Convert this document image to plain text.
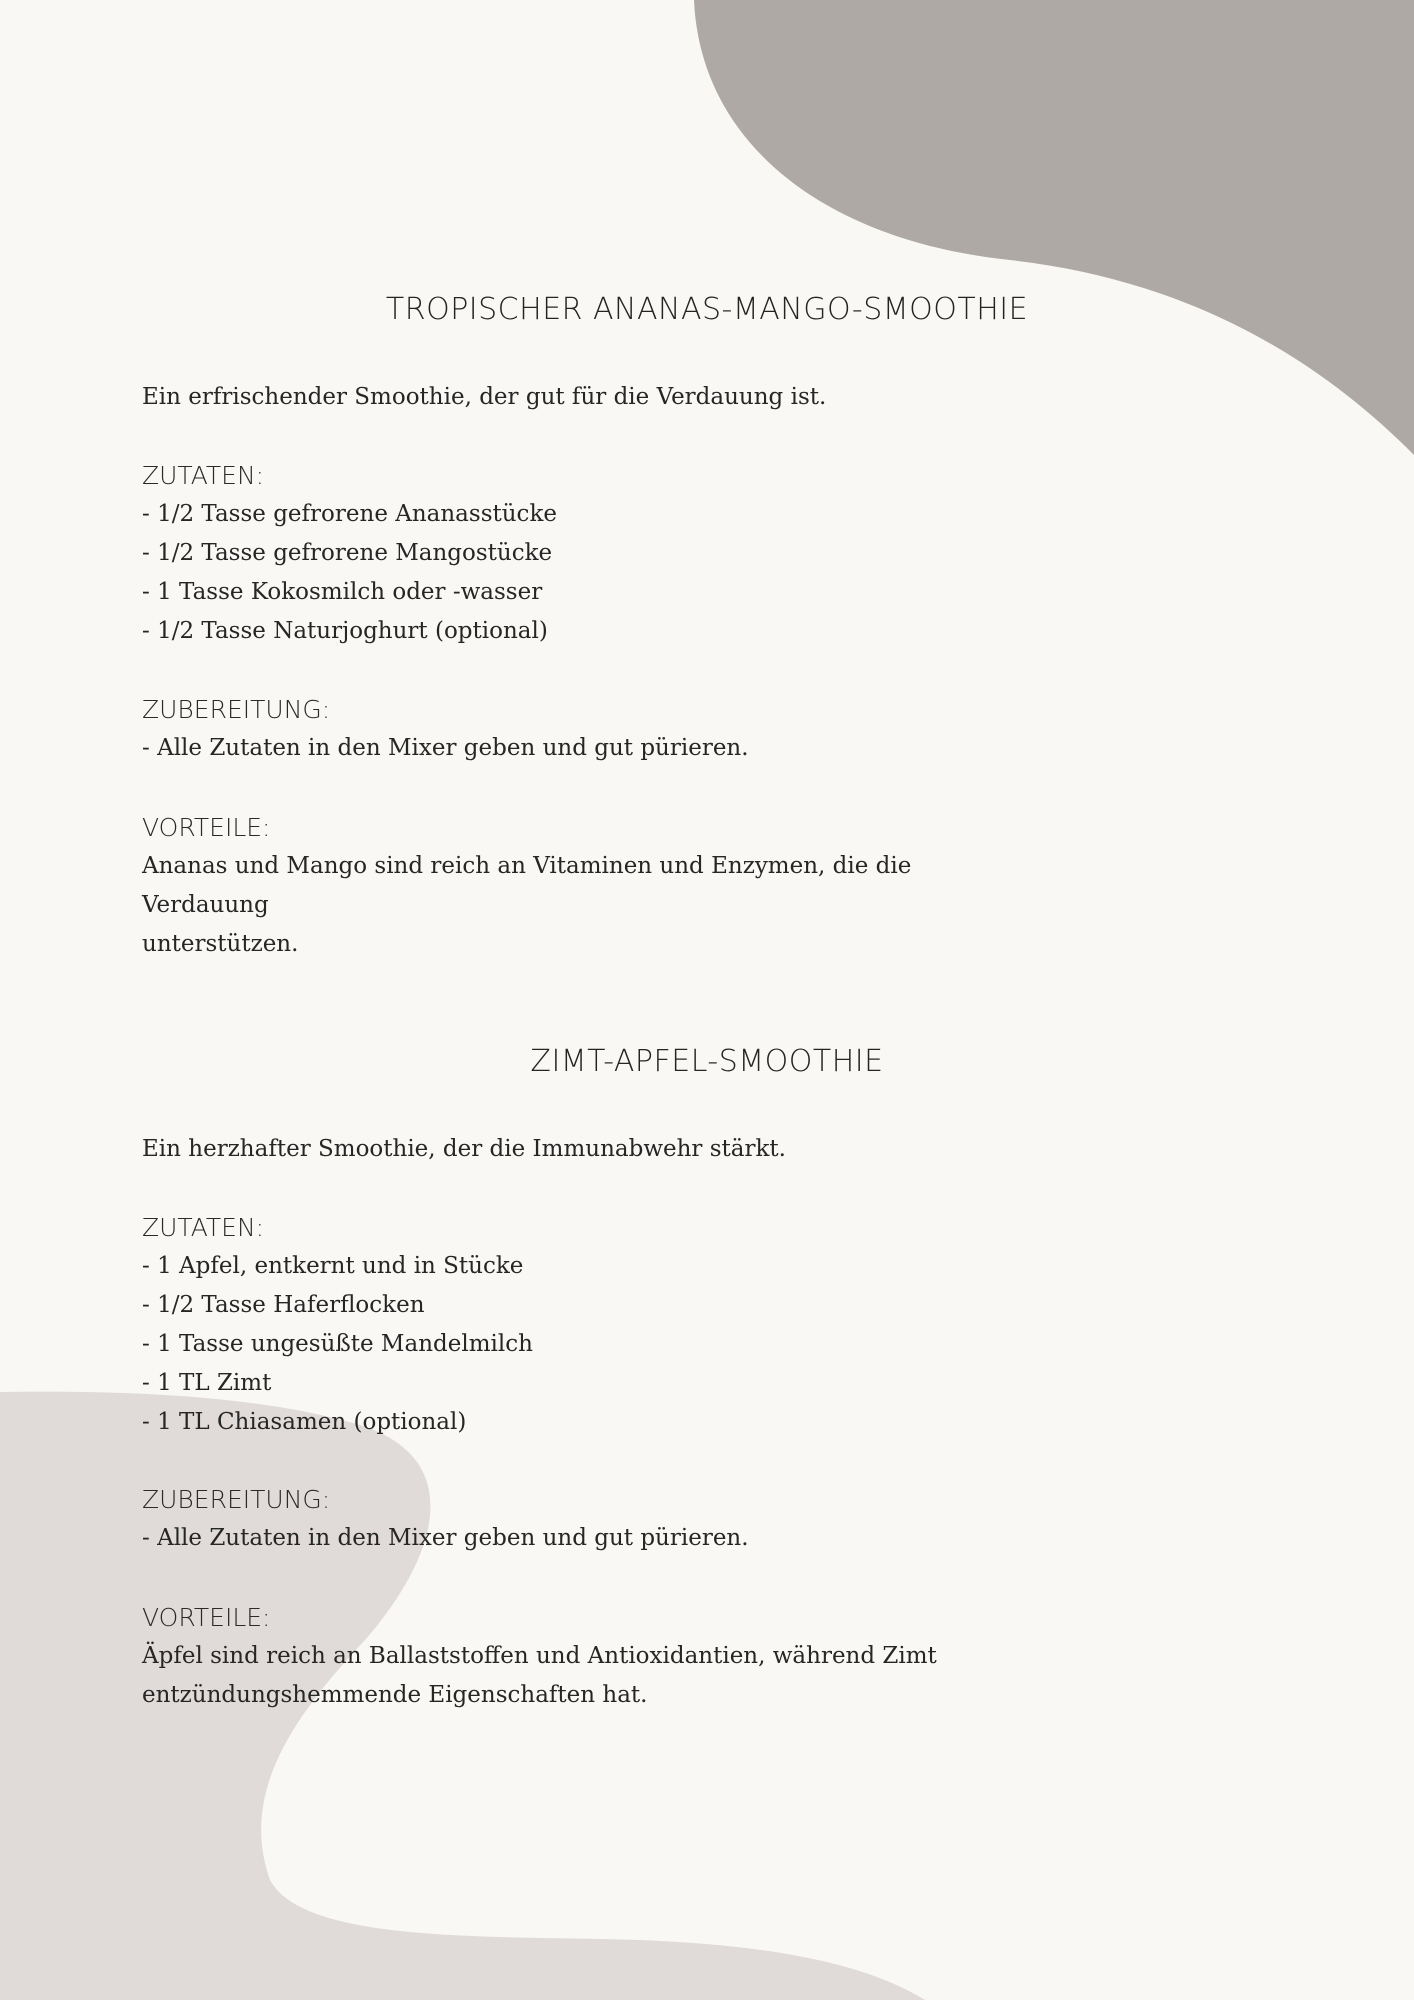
TROPISCHER ANANAS-MANGO-SMOOTHIE

Ein erfrischender Smoothie, der gut für die Verdauung ist.

ZUTATEN:
- 1/2 Tasse gefrorene Ananasstücke
- 1/2 Tasse gefrorene Mangostücke
- 1 Tasse Kokosmilch oder -wasser
- 1/2 Tasse Naturjoghurt (optional)
ZUBEREITUNG:
- Alle Zutaten in den Mixer geben und gut pürieren.
VORTEILE:
Ananas und Mango sind reich an Vitaminen und Enzymen, die die Verdauung
unterstützen.
ZIMT-APFEL-SMOOTHIE

Ein herzhafter Smoothie, der die Immunabwehr stärkt.

ZUTATEN:
- 1 Apfel, entkernt und in Stücke
- 1/2 Tasse Haferflocken
- 1 Tasse ungesüßte Mandelmilch
- 1 TL Zimt
- 1 TL Chiasamen (optional)
ZUBEREITUNG:
- Alle Zutaten in den Mixer geben und gut pürieren.
VORTEILE:
Äpfel sind reich an Ballaststoffen und Antioxidantien, während Zimt
entzündungshemmende Eigenschaften hat.
